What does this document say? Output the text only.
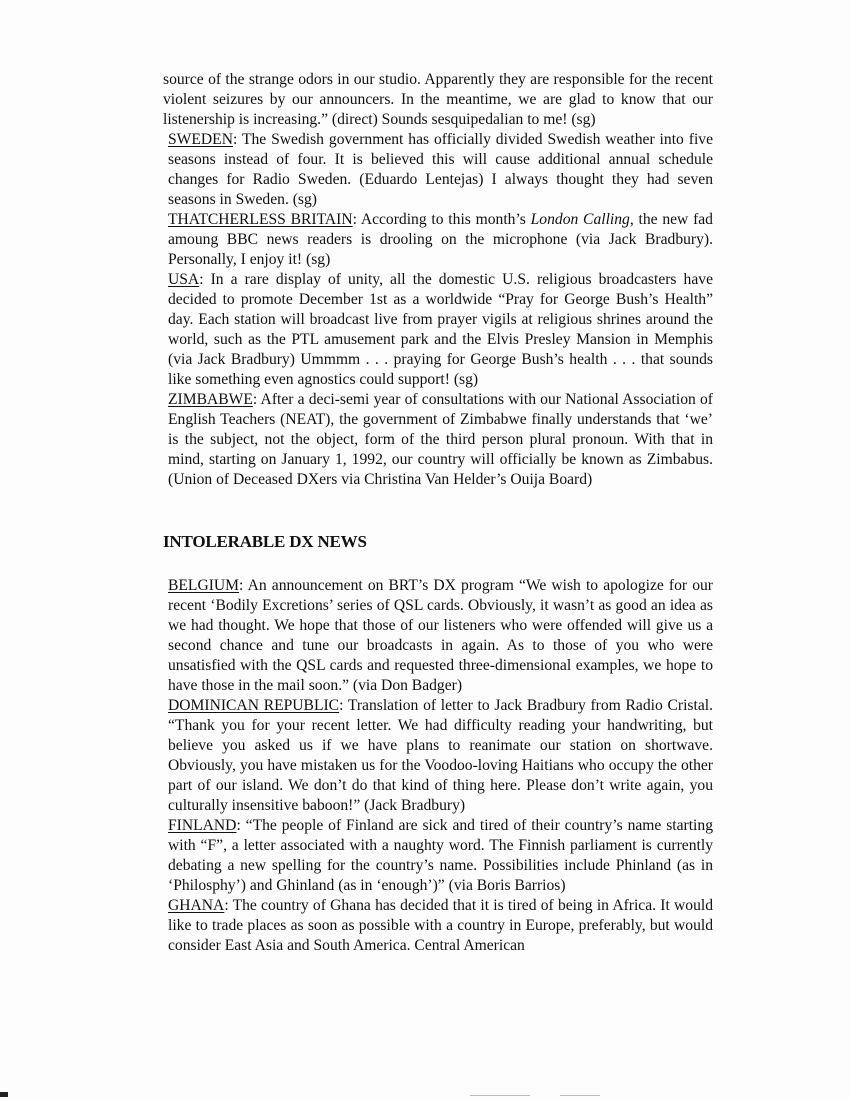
source of the strange odors in our studio. Apparently they are responsible for the recent violent seizures by our announcers. In the meantime, we are glad to know that our listenership is increasing.” (direct) Sounds sesquipedalian to me! (sg)

SWEDEN: The Swedish government has officially divided Swedish weather into five seasons instead of four. It is believed this will cause additional annual schedule changes for Radio Sweden. (Eduardo Lentejas) I always thought they had seven seasons in Sweden. (sg)

THATCHERLESS BRITAIN: According to this month’s London Calling, the new fad amoung BBC news readers is drooling on the microphone (via Jack Bradbury). Personally, I enjoy it! (sg)

USA: In a rare display of unity, all the domestic U.S. religious broadcasters have decided to promote December 1st as a worldwide “Pray for George Bush’s Health” day. Each station will broadcast live from prayer vigils at religious shrines around the world, such as the PTL amusement park and the Elvis Presley Mansion in Memphis (via Jack Bradbury) Ummmm . . . praying for George Bush’s health . . . that sounds like something even agnostics could support! (sg)

ZIMBABWE: After a deci-semi year of consultations with our National Association of English Teachers (NEAT), the government of Zimbabwe finally understands that ‘we’ is the subject, not the object, form of the third person plural pronoun. With that in mind, starting on January 1, 1992, our country will officially be known as Zimbabus. (Union of Deceased DXers via Christina Van Helder’s Ouija Board)

INTOLERABLE DX NEWS

BELGIUM: An announcement on BRT’s DX program “We wish to apologize for our recent ‘Bodily Excretions’ series of QSL cards. Obviously, it wasn’t as good an idea as we had thought. We hope that those of our listeners who were offended will give us a second chance and tune our broadcasts in again. As to those of you who were unsatisfied with the QSL cards and requested three-dimensional examples, we hope to have those in the mail soon.” (via Don Badger)

DOMINICAN REPUBLIC: Translation of letter to Jack Bradbury from Radio Cristal. “Thank you for your recent letter. We had difficulty reading your handwriting, but believe you asked us if we have plans to reanimate our station on shortwave. Obviously, you have mistaken us for the Voodoo-loving Haitians who occupy the other part of our island. We don’t do that kind of thing here. Please don’t write again, you culturally insensitive baboon!” (Jack Bradbury)

FINLAND: “The people of Finland are sick and tired of their country’s name starting with “F”, a letter associated with a naughty word. The Finnish parliament is currently debating a new spelling for the country’s name. Possibilities include Phinland (as in ‘Philosphy’) and Ghinland (as in ‘enough’)” (via Boris Barrios)

GHANA: The country of Ghana has decided that it is tired of being in Africa. It would like to trade places as soon as possible with a country in Europe, preferably, but would consider East Asia and South America. Central American
